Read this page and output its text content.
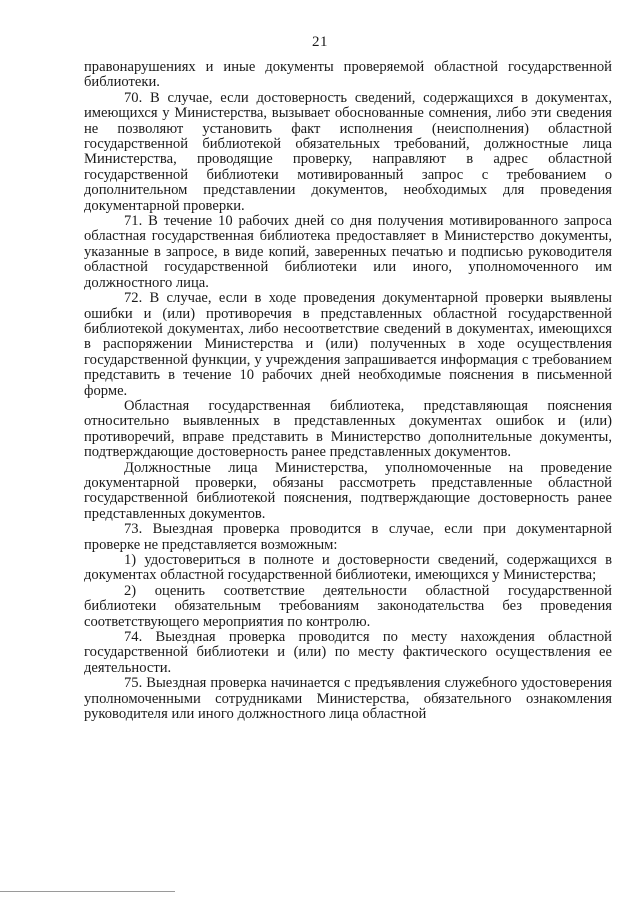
21

правонарушениях и иные документы проверяемой областной государственной библиотеки.

70. В случае, если достоверность сведений, содержащихся в документах, имеющихся у Министерства, вызывает обоснованные сомнения, либо эти сведения не позволяют установить факт исполнения (неисполнения) областной государственной библиотекой обязательных требований, должностные лица Министерства, проводящие проверку, направляют в адрес областной государственной библиотеки мотивированный запрос с требованием о дополнительном представлении документов, необходимых для проведения документарной проверки.

71. В течение 10 рабочих дней со дня получения мотивированного запроса областная государственная библиотека предоставляет в Министерство документы, указанные в запросе, в виде копий, заверенных печатью и подписью руководителя областной государственной библиотеки или иного, уполномоченного им должностного лица.

72. В случае, если в ходе проведения документарной проверки выявлены ошибки и (или) противоречия в представленных областной государственной библиотекой документах, либо несоответствие сведений в документах, имеющихся в распоряжении Министерства и (или) полученных в ходе осуществления государственной функции, у учреждения запрашивается информация с требованием представить в течение 10 рабочих дней необходимые пояснения в письменной форме.

Областная государственная библиотека, представляющая пояснения относительно выявленных в представленных документах ошибок и (или) противоречий, вправе представить в Министерство дополнительные документы, подтверждающие достоверность ранее представленных документов.

Должностные лица Министерства, уполномоченные на проведение документарной проверки, обязаны рассмотреть представленные областной государственной библиотекой пояснения, подтверждающие достоверность ранее представленных документов.

73. Выездная проверка проводится в случае, если при документарной проверке не представляется возможным:

1) удостовериться в полноте и достоверности сведений, содержащихся в документах областной государственной библиотеки, имеющихся у Министерства;

2) оценить соответствие деятельности областной государственной библиотеки обязательным требованиям законодательства без проведения соответствующего мероприятия по контролю.

74. Выездная проверка проводится по месту нахождения областной государственной библиотеки и (или) по месту фактического осуществления ее деятельности.

75. Выездная проверка начинается с предъявления служебного удостоверения уполномоченными сотрудниками Министерства, обязательного ознакомления руководителя или иного должностного лица областной
